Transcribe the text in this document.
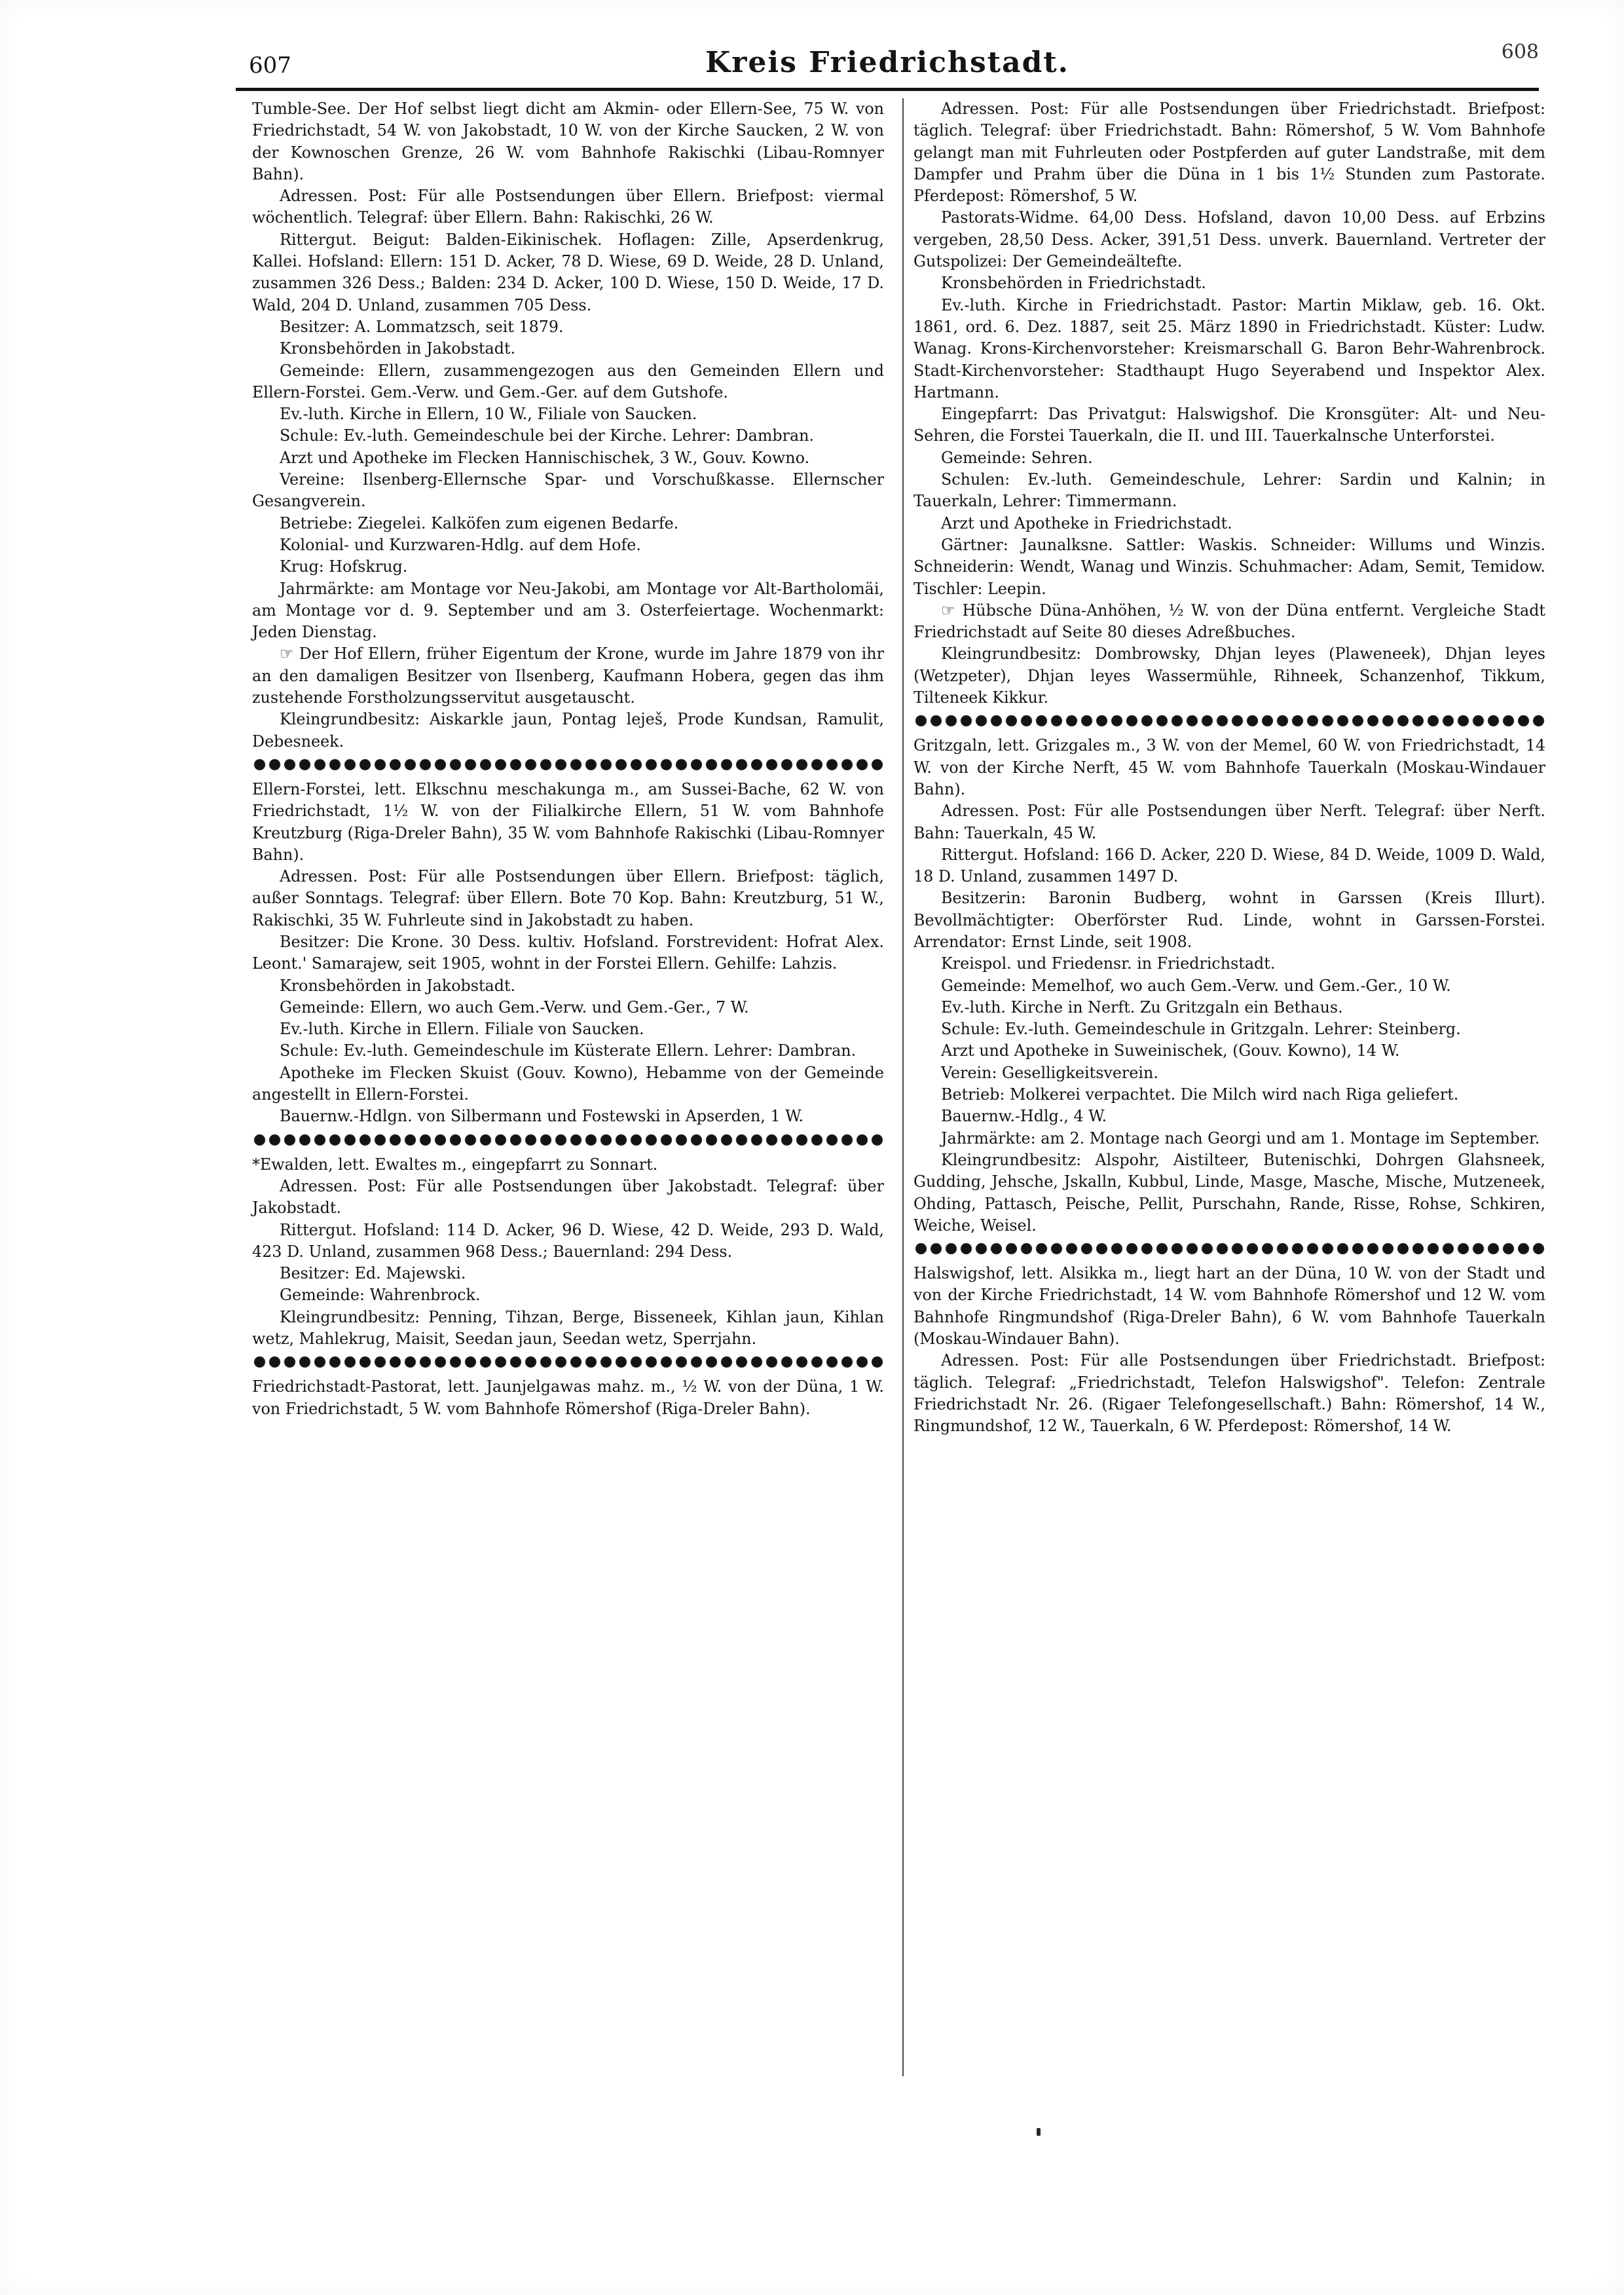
607	Kreis Friedrichstadt.	608

Tumble-See. Der Hof selbst liegt dicht am Akmin- oder Ellern-See, 75 W. von Friedrichstadt, 54 W. von Jakobstadt, 10 W. von der Kirche Saucken, 2 W. von der Kownoschen Grenze, 26 W. vom Bahnhofe Rakischki (Libau-Romnyer Bahn).

Adressen. Post: Für alle Postsendungen über Ellern. Briefpost: viermal wöchentlich. Telegraf: über Ellern. Bahn: Rakischki, 26 W.

Rittergut. Beigut: Balden-Eikinischek. Hoflagen: Zille, Apserdenkrug, Kallei. Hofsland: Ellern: 151 D. Acker, 78 D. Wiese, 69 D. Weide, 28 D. Unland, zusammen 326 Dess.; Balden: 234 D. Acker, 100 D. Wiese, 150 D. Weide, 17 D. Wald, 204 D. Unland, zusammen 705 Dess.

Besitzer: A. Lommatzsch, seit 1879.

Kronsbehörden in Jakobstadt.

Gemeinde: Ellern, zusammengezogen aus den Gemeinden Ellern und Ellern-Forstei. Gem.-Verw. und Gem.-Ger. auf dem Gutshofe.

Ev.-luth. Kirche in Ellern, 10 W., Filiale von Saucken.

Schule: Ev.-luth. Gemeindeschule bei der Kirche. Lehrer: Dambran.

Arzt und Apotheke im Flecken Hannischischek, 3 W., Gouv. Kowno.

Vereine: Ilsenberg-Ellernsche Spar- und Vorschußkasse. Ellernscher Gesangverein.

Betriebe: Ziegelei. Kalköfen zum eigenen Bedarfe.

Kolonial- und Kurzwaren-Hdlg. auf dem Hofe.

Krug: Hofskrug.

Jahrmärkte: am Montage vor Neu-Jakobi, am Montage vor Alt-Bartholomäi, am Montage vor d. 9. September und am 3. Osterfeiertage. Wochenmarkt: Jeden Dienstag.

☞ Der Hof Ellern, früher Eigentum der Krone, wurde im Jahre 1879 von ihr an den damaligen Besitzer von Ilsenberg, Kaufmann Hobera, gegen das ihm zustehende Forstholzungsservitut ausgetauscht.

Kleingrundbesitz: Aiskarkle jaun, Pontag leješ, Prode Kundsan, Ramulit, Debesneek.

Ellern-Forstei, lett. Elkschnu meschakunga m., am Sussei-Bache, 62 W. von Friedrichstadt, 1½ W. von der Filialkirche Ellern, 51 W. vom Bahnhofe Kreutzburg (Riga-Dreler Bahn), 35 W. vom Bahnhofe Rakischki (Libau-Romnyer Bahn).

Adressen. Post: Für alle Postsendungen über Ellern. Briefpost: täglich, außer Sonntags. Telegraf: über Ellern. Bote 70 Kop. Bahn: Kreutzburg, 51 W., Rakischki, 35 W. Fuhrleute sind in Jakobstadt zu haben.

Besitzer: Die Krone. 30 Dess. kultiv. Hofsland. Forstrevident: Hofrat Alex. Leont.' Samarajew, seit 1905, wohnt in der Forstei Ellern. Gehilfe: Lahzis.

Kronsbehörden in Jakobstadt.

Gemeinde: Ellern, wo auch Gem.-Verw. und Gem.-Ger., 7 W.

Ev.-luth. Kirche in Ellern. Filiale von Saucken.

Schule: Ev.-luth. Gemeindeschule im Küsterate Ellern. Lehrer: Dambran.

Apotheke im Flecken Skuist (Gouv. Kowno), Hebamme von der Gemeinde angestellt in Ellern-Forstei.

Bauernw.-Hdlgn. von Silbermann und Fostewski in Apserden, 1 W.

*Ewalden, lett. Ewaltes m., eingepfarrt zu Sonnart.

Adressen. Post: Für alle Postsendungen über Jakobstadt. Telegraf: über Jakobstadt.

Rittergut. Hofsland: 114 D. Acker, 96 D. Wiese, 42 D. Weide, 293 D. Wald, 423 D. Unland, zusammen 968 Dess.; Bauernland: 294 Dess.

Besitzer: Ed. Majewski.

Gemeinde: Wahrenbrock.

Kleingrundbesitz: Penning, Tihzan, Berge, Bisseneek, Kihlan jaun, Kihlan wetz, Mahlekrug, Maisit, Seedan jaun, Seedan wetz, Sperrjahn.

Friedrichstadt-Pastorat, lett. Jaunjelgawas mahz. m., ½ W. von der Düna, 1 W. von Friedrichstadt, 5 W. vom Bahnhofe Römershof (Riga-Dreler Bahn).

Adressen. Post: Für alle Postsendungen über Friedrichstadt. Briefpost: täglich. Telegraf: über Friedrichstadt. Bahn: Römershof, 5 W. Vom Bahnhofe gelangt man mit Fuhrleuten oder Postpferden auf guter Landstraße, mit dem Dampfer und Prahm über die Düna in 1 bis 1½ Stunden zum Pastorate. Pferdepost: Römershof, 5 W.

Pastorats-Widme. 64,00 Dess. Hofsland, davon 10,00 Dess. auf Erbzins vergeben, 28,50 Dess. Acker, 391,51 Dess. unverk. Bauernland. Vertreter der Gutspolizei: Der Gemeindeältefte.

Kronsbehörden in Friedrichstadt.

Ev.-luth. Kirche in Friedrichstadt. Pastor: Martin Miklaw, geb. 16. Okt. 1861, ord. 6. Dez. 1887, seit 25. März 1890 in Friedrichstadt. Küster: Ludw. Wanag. Krons-Kirchenvorsteher: Kreismarschall G. Baron Behr-Wahrenbrock. Stadt-Kirchenvorsteher: Stadthaupt Hugo Seyerabend und Inspektor Alex. Hartmann.

Eingepfarrt: Das Privatgut: Halswigshof. Die Kronsgüter: Alt- und Neu-Sehren, die Forstei Tauerkaln, die II. und III. Tauerkalnsche Unterforstei.

Gemeinde: Sehren.

Schulen: Ev.-luth. Gemeindeschule, Lehrer: Sardin und Kalnin; in Tauerkaln, Lehrer: Timmermann.

Arzt und Apotheke in Friedrichstadt.

Gärtner: Jaunalksne. Sattler: Waskis. Schneider: Willums und Winzis. Schneiderin: Wendt, Wanag und Winzis. Schuhmacher: Adam, Semit, Temidow. Tischler: Leepin.

☞ Hübsche Düna-Anhöhen, ½ W. von der Düna entfernt. Vergleiche Stadt Friedrichstadt auf Seite 80 dieses Adreßbuches.

Kleingrundbesitz: Dombrowsky, Dhjan leyes (Plaweneek), Dhjan leyes (Wetzpeter), Dhjan leyes Wassermühle, Rihneek, Schanzenhof, Tikkum, Tilteneek Kikkur.

Gritzgaln, lett. Grizgales m., 3 W. von der Memel, 60 W. von Friedrichstadt, 14 W. von der Kirche Nerft, 45 W. vom Bahnhofe Tauerkaln (Moskau-Windauer Bahn).

Adressen. Post: Für alle Postsendungen über Nerft. Telegraf: über Nerft. Bahn: Tauerkaln, 45 W.

Rittergut. Hofsland: 166 D. Acker, 220 D. Wiese, 84 D. Weide, 1009 D. Wald, 18 D. Unland, zusammen 1497 D.

Besitzerin: Baronin Budberg, wohnt in Garssen (Kreis Illurt). Bevollmächtigter: Oberförster Rud. Linde, wohnt in Garssen-Forstei. Arrendator: Ernst Linde, seit 1908.

Kreispol. und Friedensr. in Friedrichstadt.

Gemeinde: Memelhof, wo auch Gem.-Verw. und Gem.-Ger., 10 W.

Ev.-luth. Kirche in Nerft. Zu Gritzgaln ein Bethaus.

Schule: Ev.-luth. Gemeindeschule in Gritzgaln. Lehrer: Steinberg.

Arzt und Apotheke in Suweinischek, (Gouv. Kowno), 14 W.

Verein: Geselligkeitsverein.

Betrieb: Molkerei verpachtet. Die Milch wird nach Riga geliefert.

Bauernw.-Hdlg., 4 W.

Jahrmärkte: am 2. Montage nach Georgi und am 1. Montage im September.

Kleingrundbesitz: Alspohr, Aistilteer, Butenischki, Dohrgen Glahsneek, Gudding, Jehsche, Jskalln, Kubbul, Linde, Masge, Masche, Mische, Mutzeneek, Ohding, Pattasch, Peische, Pellit, Purschahn, Rande, Risse, Rohse, Schkiren, Weiche, Weisel.

Halswigshof, lett. Alsikka m., liegt hart an der Düna, 10 W. von der Stadt und von der Kirche Friedrichstadt, 14 W. vom Bahnhofe Römershof und 12 W. vom Bahnhofe Ringmundshof (Riga-Dreler Bahn), 6 W. vom Bahnhofe Tauerkaln (Moskau-Windauer Bahn).

Adressen. Post: Für alle Postsendungen über Friedrichstadt. Briefpost: täglich. Telegraf: „Friedrichstadt, Telefon Halswigshof". Telefon: Zentrale Friedrichstadt Nr. 26. (Rigaer Telefongesellschaft.) Bahn: Römershof, 14 W., Ringmundshof, 12 W., Tauerkaln, 6 W. Pferdepost: Römershof, 14 W.
